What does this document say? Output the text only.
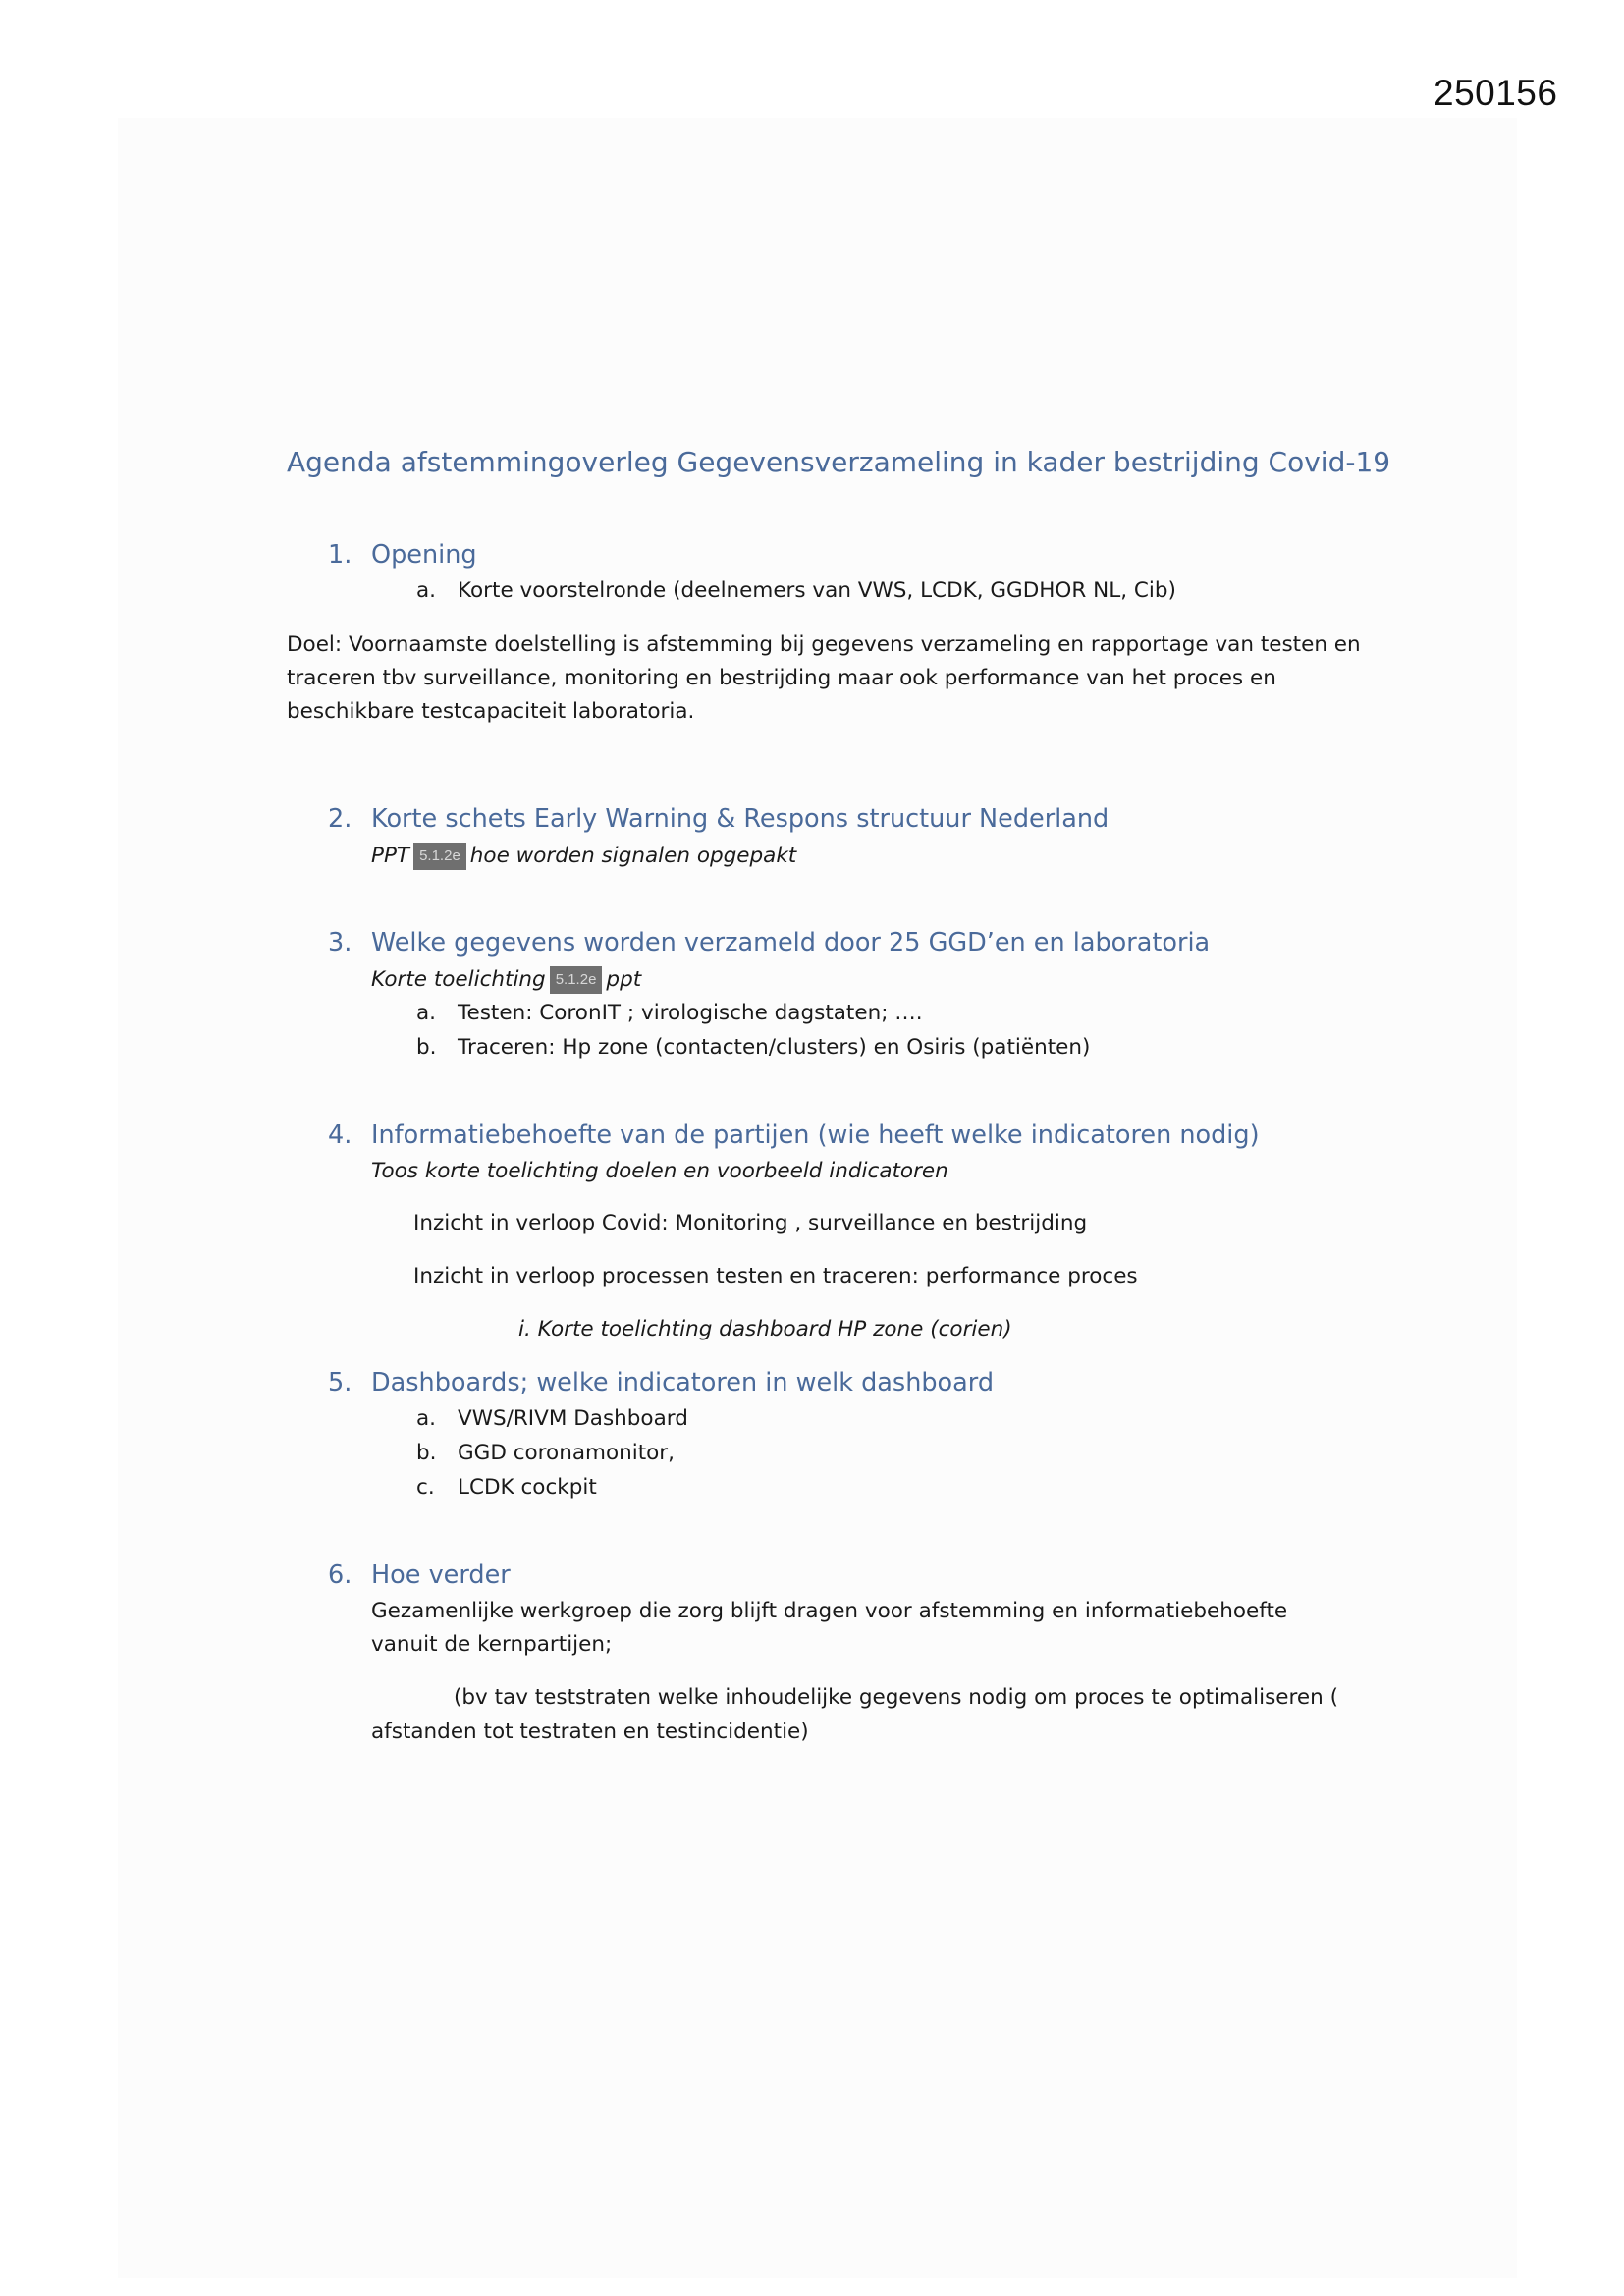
250156
Agenda afstemmingoverleg Gegevensverzameling in kader bestrijding Covid-19
1. Opening
a. Korte voorstelronde (deelnemers van VWS, LCDK, GGDHOR NL, Cib)
Doel: Voornaamste doelstelling is afstemming bij gegevens verzameling en rapportage van testen en
traceren tbv surveillance, monitoring en bestrijding maar ook performance van het proces en
beschikbare testcapaciteit laboratoria.
2. Korte schets Early Warning & Respons structuur Nederland
PPT 5.1.2e hoe worden signalen opgepakt
3. Welke gegevens worden verzameld door 25 GGD’en en laboratoria
Korte toelichting 5.1.2e ppt
a. Testen: CoronIT ; virologische dagstaten; ….
b. Traceren: Hp zone (contacten/clusters) en Osiris (patiënten)
4. Informatiebehoefte van de partijen (wie heeft welke indicatoren nodig)
Toos korte toelichting doelen en voorbeeld indicatoren
Inzicht in verloop Covid: Monitoring , surveillance en bestrijding
Inzicht in verloop processen testen en traceren: performance proces
i. Korte toelichting dashboard HP zone (corien)
5. Dashboards; welke indicatoren in welk dashboard
a. VWS/RIVM Dashboard
b. GGD coronamonitor,
c. LCDK cockpit
6. Hoe verder
Gezamenlijke werkgroep die zorg blijft dragen voor afstemming en informatiebehoefte
vanuit de kernpartijen;
(bv tav teststraten welke inhoudelijke gegevens nodig om proces te optimaliseren (
afstanden tot testraten en testincidentie)
